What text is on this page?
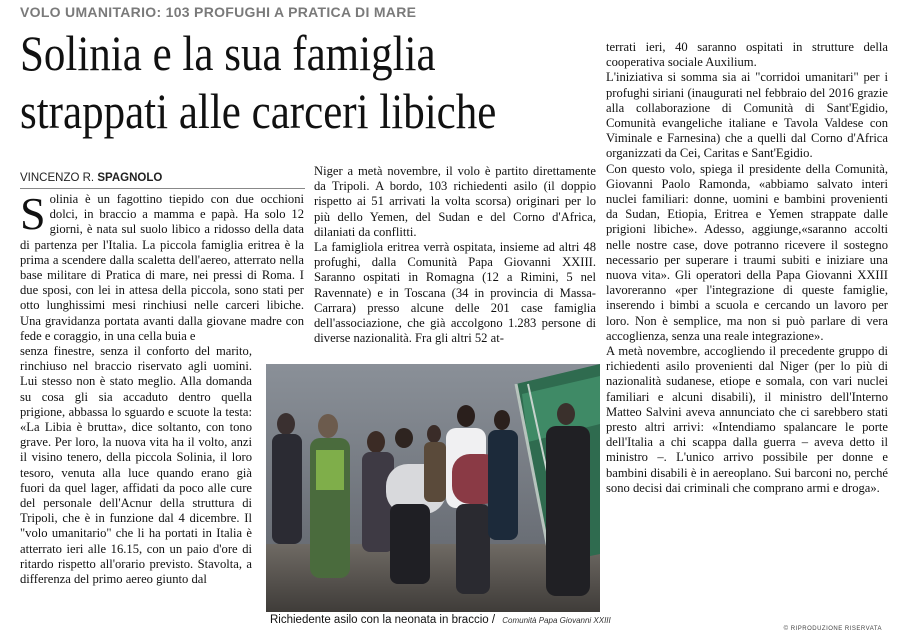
VOLO UMANITARIO: 103 PROFUGHI A PRATICA DI MARE
Solinia e la sua famiglia
strappati alle carceri libiche
VINCENZO R. SPAGNOLO
S olinia è un fagottino tiepido con due occhioni dolci, in braccio a mamma e papà. Ha solo 12 giorni, è nata sul suolo libico a ridosso della data di partenza per l'Italia. La piccola famiglia eritrea è la prima a scendere dalla scaletta dell'aereo, atterrato nella base militare di Pratica di mare, nei pressi di Roma. I due sposi, con lei in attesa della piccola, sono stati per otto lunghissimi mesi rinchiusi nelle carceri libiche. Una gravidanza portata avanti dalla giovane madre con fede e coraggio, in una cella buia e
senza finestre, senza il conforto del marito, rinchiuso nel braccio riservato agli uomini. Lui stesso non è stato meglio. Alla domanda su cosa gli sia accaduto dentro quella prigione, abbassa lo sguardo e scuote la testa: «La Libia è brutta», dice soltanto, con tono grave. Per loro, la nuova vita ha il volto, anzi il visino tenero, della piccola Solinia, il loro tesoro, venuta alla luce quando erano già fuori da quel lager, affidati da poco alle cure del personale dell'Acnur della struttura di Tripoli, che è in funzione dal 4 dicembre. Il "volo umanitario" che li ha portati in Italia è atterrato ieri alle 16.15, con un paio d'ore di ritardo rispetto all'orario previsto. Stavolta, a differenza del primo aereo giunto dal

Niger a metà novembre, il volo è partito direttamente da Tripoli. A bordo, 103 richiedenti asilo (il doppio rispetto ai 51 arrivati la volta scorsa) originari per lo più dello Yemen, del Sudan e del Corno d'Africa, dilaniati da conflitti.

La famigliola eritrea verrà ospitata, insieme ad altri 48 profughi, dalla Comunità Papa Giovanni XXIII. Saranno ospitati in Romagna (12 a Rimini, 5 nel Ravennate) e in Toscana (34 in provincia di Massa-Carrara) presso alcune delle 201 case famiglia dell'associazione, che già accolgono 1.283 persone di diverse nazionalità. Fra gli altri 52 at-

terrati ieri, 40 saranno ospitati in strutture della cooperativa sociale Auxilium.

L'iniziativa si somma sia ai "corridoi umanitari" per i profughi siriani (inaugurati nel febbraio del 2016 grazie alla collaborazione di Comunità di Sant'Egidio, Comunità evangeliche italiane e Tavola Valdese con Viminale e Farnesina) che a quelli dal Corno d'Africa organizzati da Cei, Caritas e Sant'Egidio.

Con questo volo, spiega il presidente della Comunità, Giovanni Paolo Ramonda, «abbiamo salvato interi nuclei familiari: donne, uomini e bambini provenienti da Sudan, Etiopia, Eritrea e Yemen strappate dalle prigioni libiche». Adesso, aggiunge,«saranno accolti nelle nostre case, dove potranno ricevere il sostegno necessario per superare i traumi subiti e iniziare una nuova vita». Gli operatori della Papa Giovanni XXIII lavoreranno «per l'integrazione di queste famiglie, inserendo i bimbi a scuola e cercando un lavoro per loro. Non è semplice, ma non si può parlare di vera accoglienza, senza una reale integrazione».

A metà novembre, accogliendo il precedente gruppo di richiedenti asilo provenienti dal Niger (per lo più di nazionalità sudanese, etiope e somala, con vari nuclei familiari e alcuni disabili), il ministro dell'Interno Matteo Salvini aveva annunciato che ci sarebbero stati presto altri arrivi: «Intendiamo spalancare le porte dell'Italia a chi scappa dalla guerra – aveva detto il ministro –. L'unico arrivo possibile per donne e bambini disabili è in aereoplano. Sui barconi no, perché sono decisi dai criminali che comprano armi e droga».

Richiedente asilo con la neonata in braccio / Comunità Papa Giovanni XXIII
© RIPRODUZIONE RISERVATA
